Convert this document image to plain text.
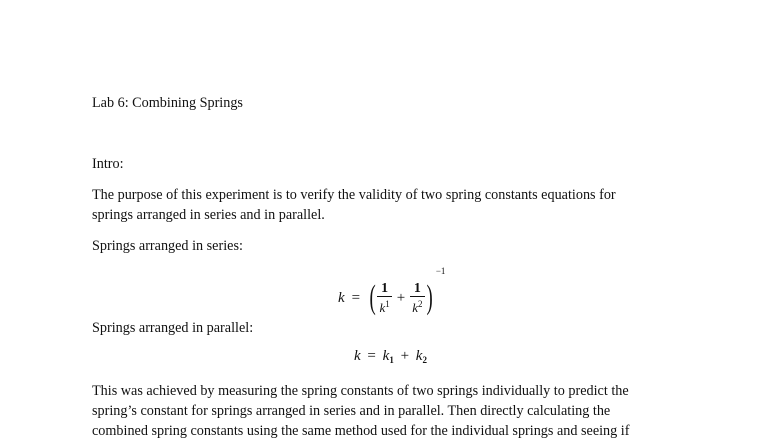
Lab 6: Combining Springs

Intro:

The purpose of this experiment is to verify the validity of two spring constants equations for

springs arranged in series and in parallel.

Springs arranged in series:

k = ( $\frac{1}{k^1} + \frac{1}{k^2}$ ) $^{-1}$

Springs arranged in parallel:

$k = k_1 + k_2$

This was achieved by measuring the spring constants of two springs individually to predict the

spring’s constant for springs arranged in series and in parallel. Then directly calculating the

combined spring constants using the same method used for the individual springs and seeing if
